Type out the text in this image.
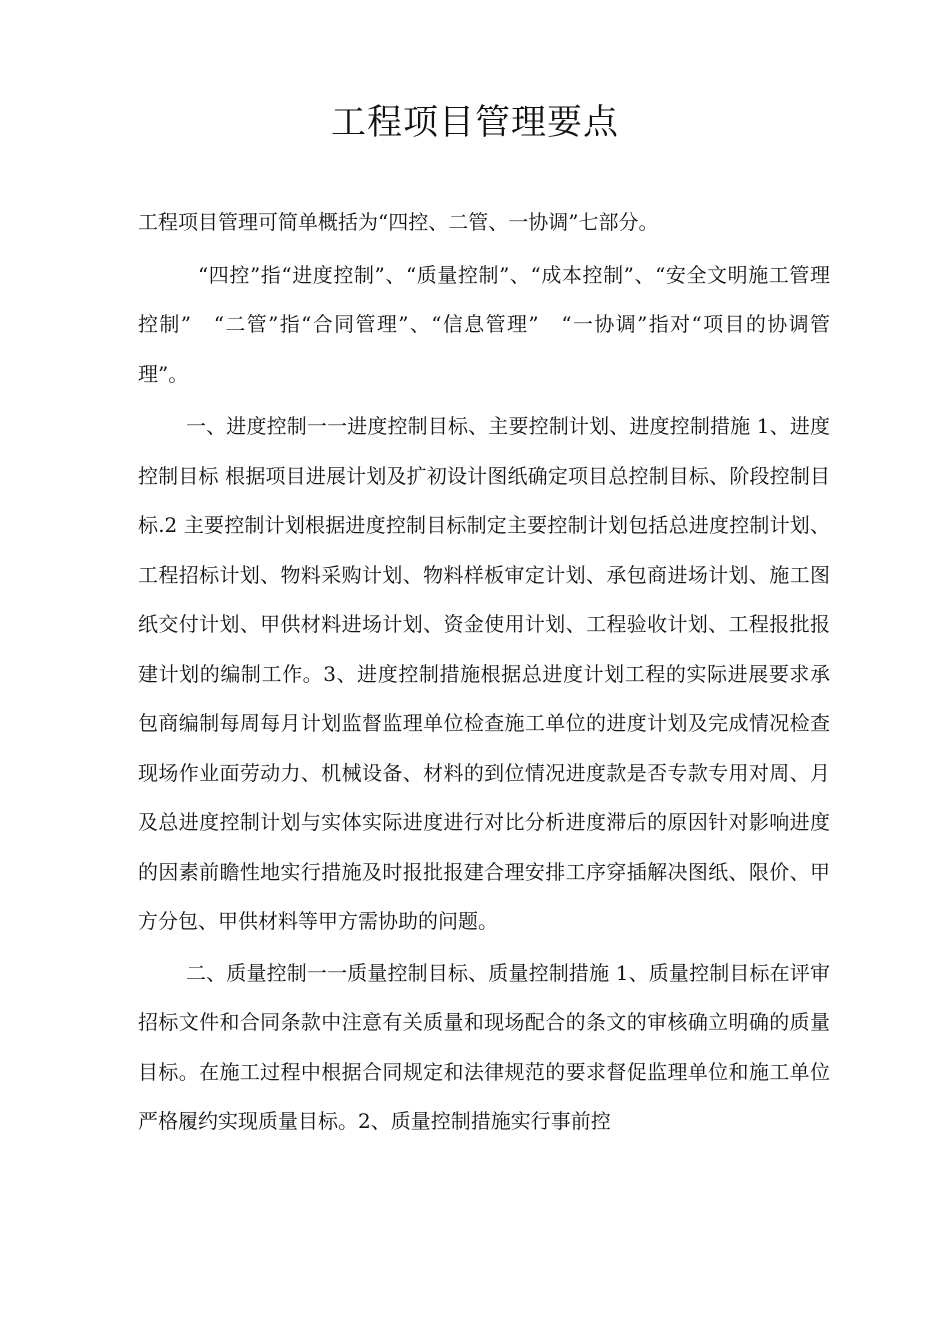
工程项目管理要点

工程项目管理可简单概括为“四控、二管、一协调”七部分。

“四控”指“进度控制”、“质量控制”、“成本控制”、“安全文明施工管理控制”　“二管”指“合同管理”、“信息管理”　“一协调”指对“项目的协调管理”。

一、进度控制一一进度控制目标、主要控制计划、进度控制措施 1、进度控制目标 根据项目进展计划及扩初设计图纸确定项目总控制目标、阶段控制目标.2 主要控制计划根据进度控制目标制定主要控制计划包括总进度控制计划、工程招标计划、物料采购计划、物料样板审定计划、承包商进场计划、施工图纸交付计划、甲供材料进场计划、资金使用计划、工程验收计划、工程报批报建计划的编制工作。3、进度控制措施根据总进度计划工程的实际进展要求承包商编制每周每月计划监督监理单位检查施工单位的进度计划及完成情况检查现场作业面劳动力、机械设备、材料的到位情况进度款是否专款专用对周、月及总进度控制计划与实体实际进度进行对比分析进度滞后的原因针对影响进度的因素前瞻性地实行措施及时报批报建合理安排工序穿插解决图纸、限价、甲方分包、甲供材料等甲方需协助的问题。

二、质量控制一一质量控制目标、质量控制措施 1、质量控制目标在评审招标文件和合同条款中注意有关质量和现场配合的条文的审核确立明确的质量目标。在施工过程中根据合同规定和法律规范的要求督促监理单位和施工单位严格履约实现质量目标。2、质量控制措施实行事前控
